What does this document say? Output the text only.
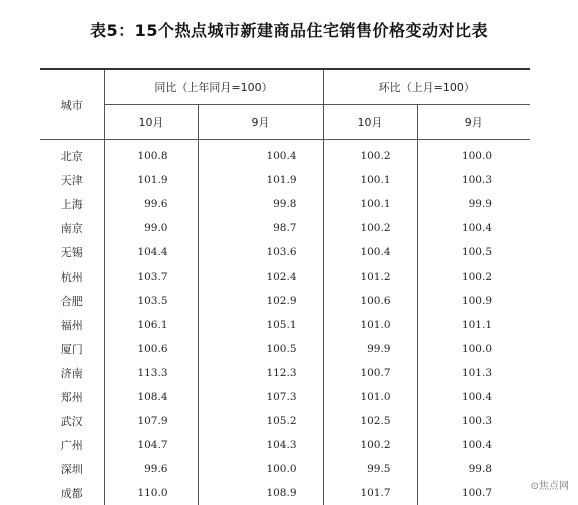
表5：15个热点城市新建商品住宅销售价格变动对比表
城市	同比（上年同月=100）		环比（上月=100）	
	10月	9月	10月	9月
北京	100.8	100.4	100.2	100.0
天津	101.9	101.9	100.1	100.3
上海	99.6	99.8	100.1	99.9
南京	99.0	98.7	100.2	100.4
无锡	104.4	103.6	100.4	100.5
杭州	103.7	102.4	101.2	100.2
合肥	103.5	102.9	100.6	100.9
福州	106.1	105.1	101.0	101.1
厦门	100.6	100.5	99.9	100.0
济南	113.3	112.3	100.7	101.3
郑州	108.4	107.3	101.0	100.4
武汉	107.9	105.2	102.5	100.3
广州	104.7	104.3	100.2	100.4
深圳	99.6	100.0	99.5	99.8
成都	110.0	108.9	101.7	100.7
⊙焦点网
